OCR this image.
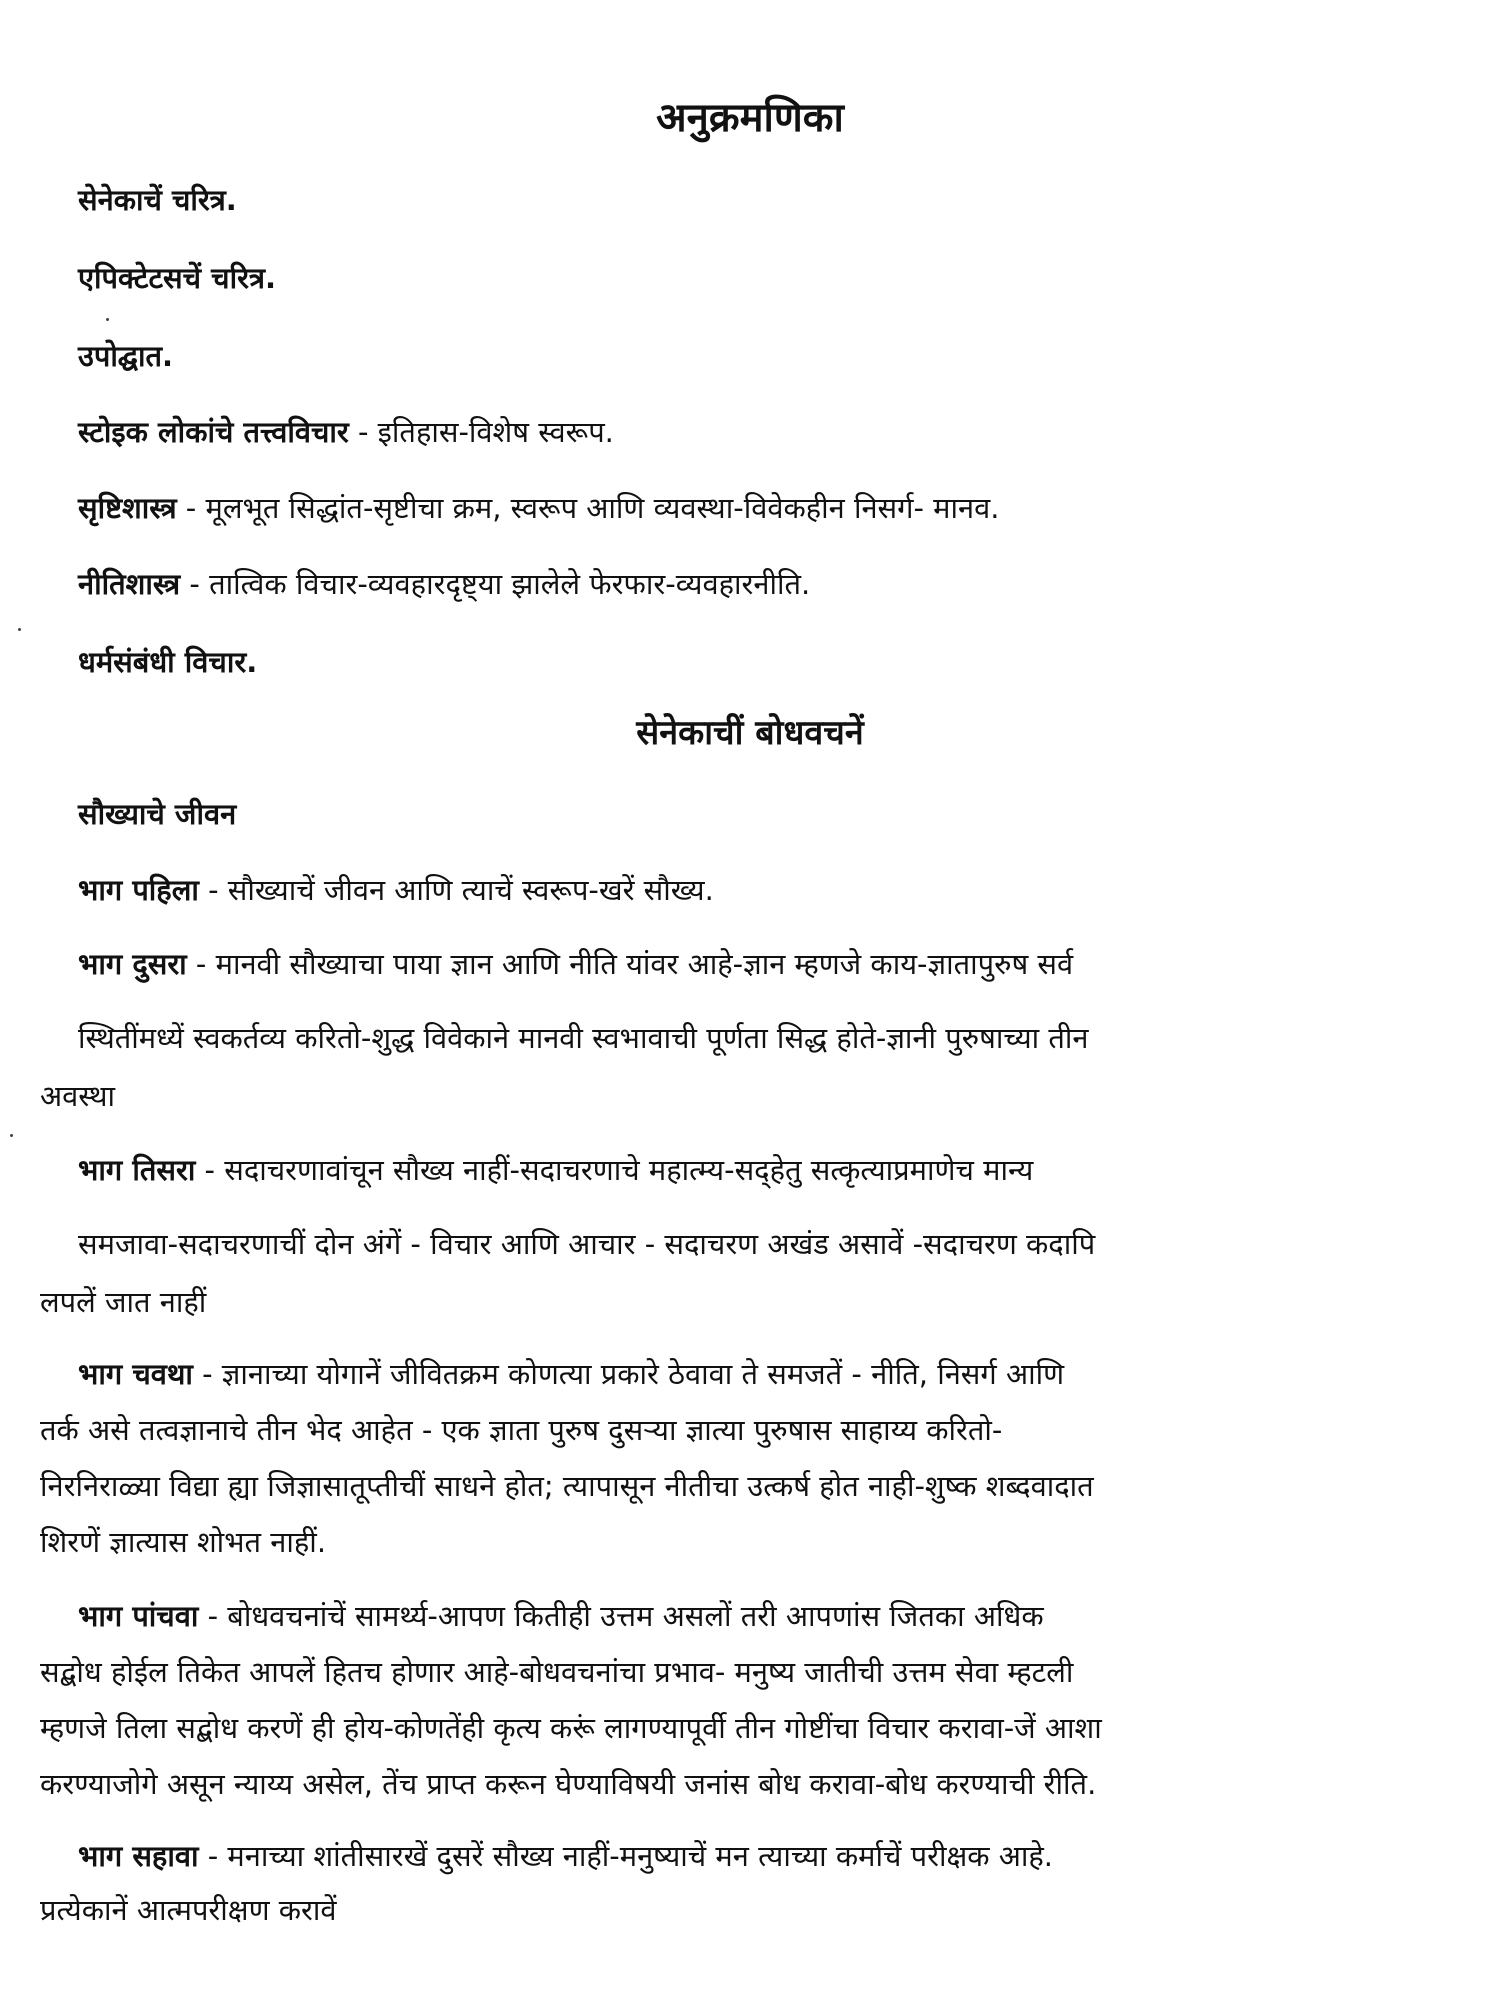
अनुक्रमणिका
सेनेकाचें चरित्र.
एपिक्टेटसचें चरित्र.
उपोद्घात.
स्टोइक लोकांचे तत्त्वविचार - इतिहास-विशेष स्वरूप.
सृष्टिशास्त्र - मूलभूत सिद्धांत-सृष्टीचा क्रम, स्वरूप आणि व्यवस्था-विवेकहीन निसर्ग- मानव.
नीतिशास्त्र - तात्विक विचार-व्यवहारदृष्ट्या झालेले फेरफार-व्यवहारनीति.
धर्मसंबंधी विचार.
सेनेकाचीं बोधवचनें
सौख्याचे जीवन
भाग पहिला - सौख्याचें जीवन आणि त्याचें स्वरूप-खरें सौख्य.
भाग दुसरा - मानवी सौख्याचा पाया ज्ञान आणि नीति यांवर आहे-ज्ञान म्हणजे काय-ज्ञातापुरुष सर्व
स्थितींमध्यें स्वकर्तव्य करितो-शुद्ध विवेकाने मानवी स्वभावाची पूर्णता सिद्ध होते-ज्ञानी पुरुषाच्या तीन
अवस्था
भाग तिसरा - सदाचरणावांचून सौख्य नाहीं-सदाचरणाचे महात्म्य-सद्हेतु सत्कृत्याप्रमाणेच मान्य
समजावा-सदाचरणाचीं दोन अंगें - विचार आणि आचार - सदाचरण अखंड असावें -सदाचरण कदापि
लपलें जात नाहीं
भाग चवथा - ज्ञानाच्या योगानें जीवितक्रम कोणत्या प्रकारे ठेवावा ते समजतें - नीति, निसर्ग आणि
तर्क असे तत्वज्ञानाचे तीन भेद आहेत - एक ज्ञाता पुरुष दुसऱ्या ज्ञात्या पुरुषास साहाय्य करितो-
निरनिराळ्या विद्या ह्या जिज्ञासातूप्तीचीं साधने होत; त्यापासून नीतीचा उत्कर्ष होत नाही-शुष्क शब्दवादात
शिरणें ज्ञात्यास शोभत नाहीं.
भाग पांचवा - बोधवचनांचें सामर्थ्य-आपण कितीही उत्तम असलों तरी आपणांस जितका अधिक
सद्बोध होईल तिकेत आपलें हितच होणार आहे-बोधवचनांचा प्रभाव- मनुष्य जातीची उत्तम सेवा म्हटली
म्हणजे तिला सद्बोध करणें ही होय-कोणतेंही कृत्य करूं लागण्यापूर्वी तीन गोष्टींचा विचार करावा-जें आशा
करण्याजोगे असून न्याय्य असेल, तेंच प्राप्त करून घेण्याविषयी जनांस बोध करावा-बोध करण्याची रीति.
भाग सहावा - मनाच्या शांतीसारखें दुसरें सौख्य नाहीं-मनुष्याचें मन त्याच्या कर्माचें परीक्षक आहे.
प्रत्येकानें आत्मपरीक्षण करावें
